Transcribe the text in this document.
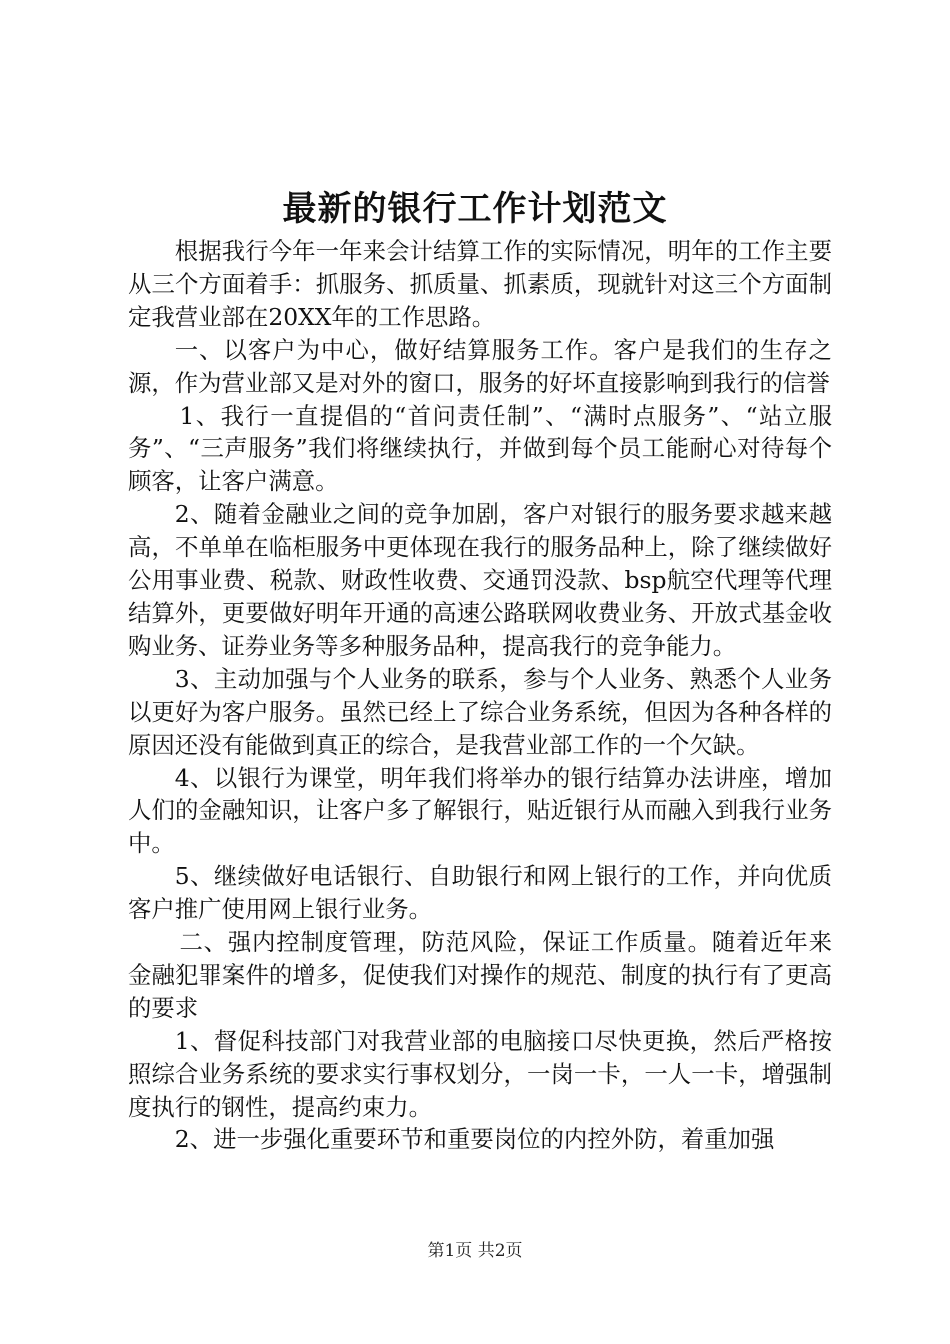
最新的银行工作计划范文

根据我行今年一年来会计结算工作的实际情况，明年的工作主要从三个方面着手：抓服务、抓质量、抓素质，现就针对这三个方面制定我营业部在20XX年的工作思路。

一、以客户为中心，做好结算服务工作。客户是我们的生存之源，作为营业部又是对外的窗口，服务的好坏直接影响到我行的信誉

1、我行一直提倡的“首问责任制”、“满时点服务”、“站立服务”、“三声服务”我们将继续执行，并做到每个员工能耐心对待每个顾客，让客户满意。

2、随着金融业之间的竞争加剧，客户对银行的服务要求越来越高，不单单在临柜服务中更体现在我行的服务品种上，除了继续做好公用事业费、税款、财政性收费、交通罚没款、bsp航空代理等代理结算外，更要做好明年开通的高速公路联网收费业务、开放式基金收购业务、证券业务等多种服务品种，提高我行的竞争能力。

3、主动加强与个人业务的联系，参与个人业务、熟悉个人业务以更好为客户服务。虽然已经上了综合业务系统，但因为各种各样的原因还没有能做到真正的综合，是我营业部工作的一个欠缺。

4、以银行为课堂，明年我们将举办的银行结算办法讲座，增加人们的金融知识，让客户多了解银行，贴近银行从而融入到我行业务中。

5、继续做好电话银行、自助银行和网上银行的工作，并向优质客户推广使用网上银行业务。

二、强内控制度管理，防范风险，保证工作质量。随着近年来金融犯罪案件的增多，促使我们对操作的规范、制度的执行有了更高的要求

1、督促科技部门对我营业部的电脑接口尽快更换，然后严格按照综合业务系统的要求实行事权划分，一岗一卡，一人一卡，增强制度执行的钢性，提高约束力。

2、进一步强化重要环节和重要岗位的内控外防，着重加强

第1页 共2页
